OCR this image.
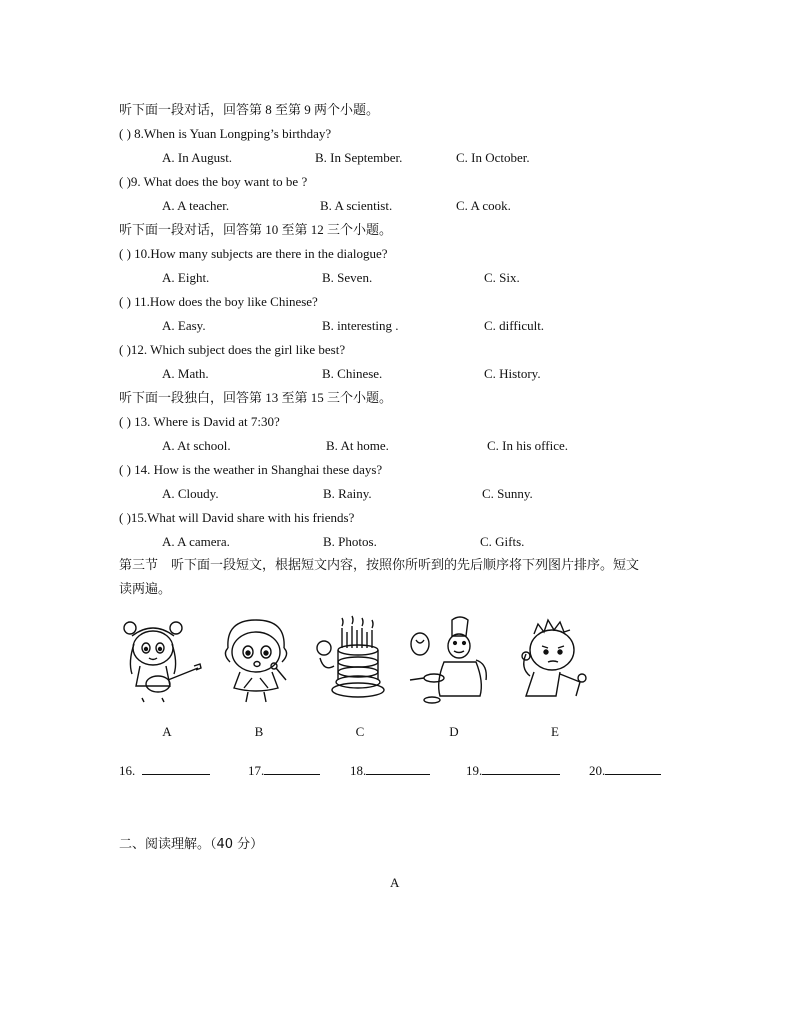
听下面一段对话，回答第 8 至第 9 两个小题。
( ) 8.When is Yuan Longping’s birthday?
A. In August.	B. In September.	C. In October.
( )9. What does the boy want to be ?
A. A teacher.	B. A scientist.	C. A cook.
听下面一段对话，回答第 10 至第 12 三个小题。
( ) 10.How many subjects are there in the dialogue?
A. Eight.	B. Seven.	C. Six.
( ) 11.How does the boy like Chinese?
A. Easy.	B. interesting .	C. difficult.
( )12. Which subject does the girl like best?
A. Math.	B. Chinese.	C. History.
听下面一段独白，回答第 13 至第 15 三个小题。
( ) 13. Where is David at 7:30?
A. At school.	B. At home.	C. In his office.
( ) 14. How is the weather in Shanghai these days?
A. Cloudy.	B. Rainy.	C. Sunny.
( )15.What will David share with his friends?
A. A camera.	B. Photos.	C. Gifts.
第三节　听下面一段短文，根据短文内容，按照你所听到的先后顺序将下列图片排序。短文
读两遍。
A	B	C	D	E
16.	17.	18.	19.	20.
二、阅读理解。（40 分）
A
